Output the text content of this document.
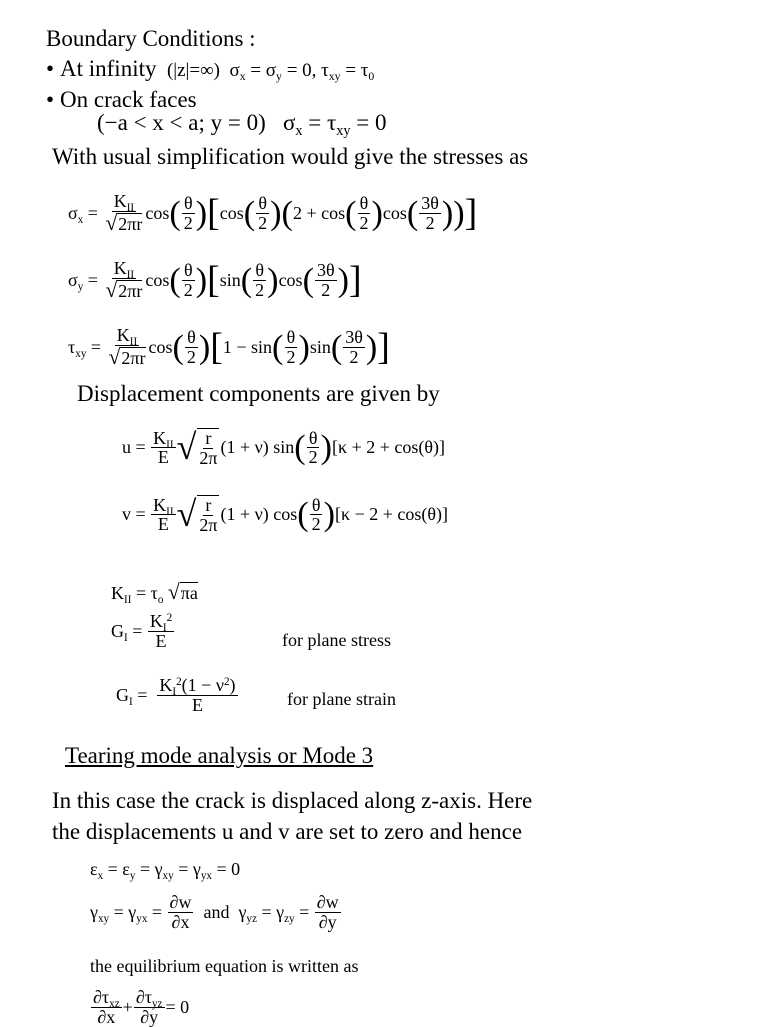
Boundary Conditions :
• At infinity  (|z|=∞)  $\sigma_x = \sigma_y = 0$, $\tau_{xy} = \tau_0$
• On crack faces
(−a < x < a; y = 0)   $\sigma_x = \tau_{xy} = 0$
With usual simplification would give the stresses as
$\sigma_x = \frac{K_{II}}{√2\pi r}$ cos ( $\frac{\theta}{2}$ ) [ cos ( $\frac{\theta}{2}$ ) ( 2 + cos ( $\frac{\theta}{2}$ ) cos ( $\frac{3\theta}{2}$ )) ]
$\sigma_y = \frac{K_{II}}{√2\pi r}$ cos ( $\frac{\theta}{2}$ ) [ sin ( $\frac{\theta}{2}$ ) cos ( $\frac{3\theta}{2}$ ) ]
$\tau_{xy} = \frac{K_{II}}{√2\pi r}$ cos ( $\frac{\theta}{2}$ ) [ 1 − sin ( $\frac{\theta}{2}$ ) sin ( $\frac{3\theta}{2}$ ) ]
Displacement components are given by
$u = \frac{K_{II}}{E}$ √ $\frac{r}{2\pi} (1 + \nu)$ sin ( $\frac{\theta}{2}$ ) [κ + 2 + cos(θ)]
$v = \frac{K_{II}}{E}$ √ $\frac{r}{2\pi} (1 + \nu)$ cos ( $\frac{\theta}{2}$ ) [κ − 2 + cos(θ)]
$K_{II} = \tau_o$ √πa
$G_I = \frac{K_I^2}{E}$	for plane stress
$G_I = \frac{K_I^2(1 - \nu^2)}{E}$	for plane strain
Tearing mode analysis or Mode 3
In this case the crack is displaced along z-axis. Here
the displacements u and v are set to zero and hence
$\varepsilon_x = \varepsilon_y = \gamma_{xy} = \gamma_{yx} = 0$
$\gamma_{xy} = \gamma_{yx} = \frac{\partial w}{\partial x}$
and $\gamma_{yz} = \gamma_{zy} = \frac{\partial w}{\partial y}$
the equilibrium equation is written as
$\frac{\partial\tau_{xz}}{\partial x} + \frac{\partial\tau_{yz}}{\partial y} = 0$
